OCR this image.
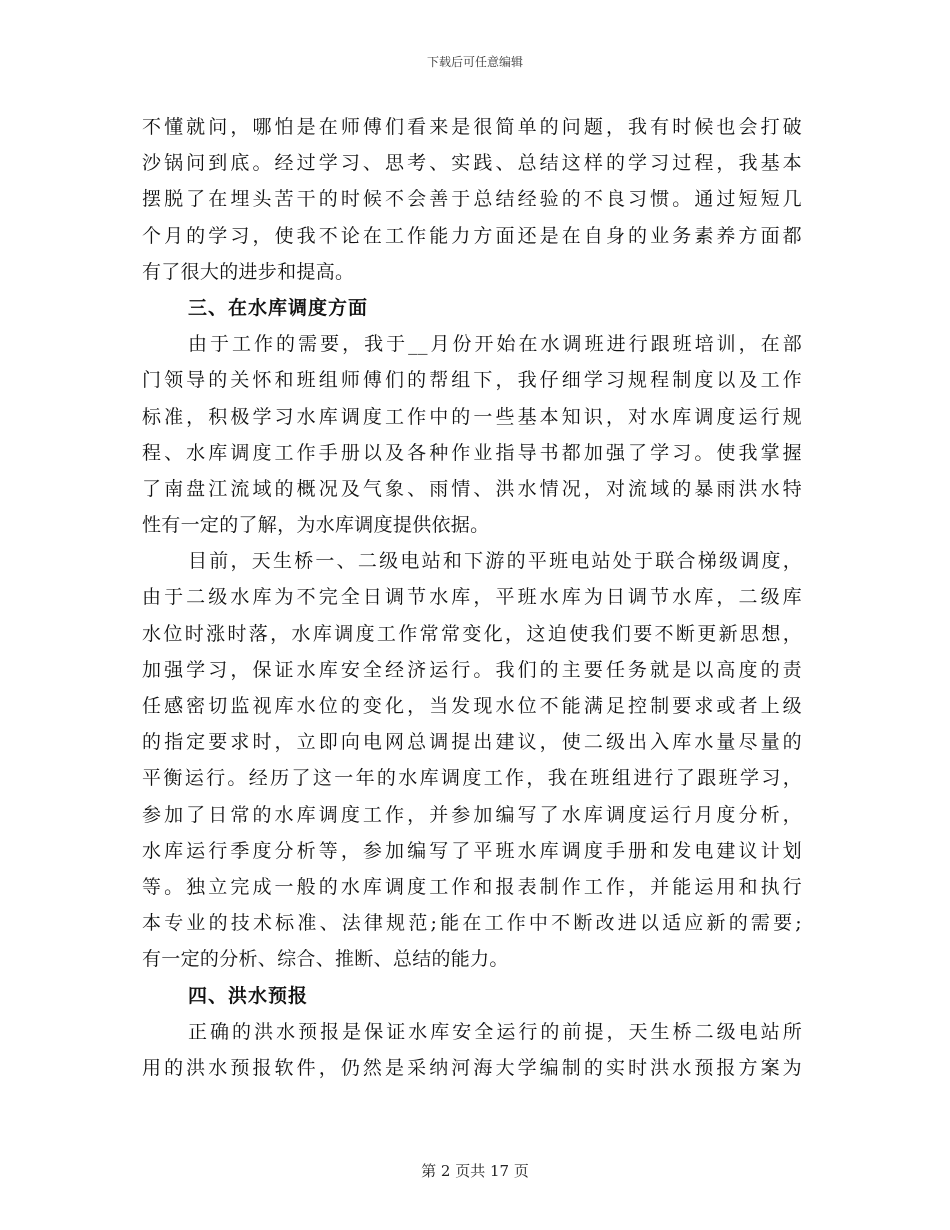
下载后可任意编辑
不懂就问，哪怕是在师傅们看来是很简单的问题，我有时候也会打破
沙锅问到底。经过学习、思考、实践、总结这样的学习过程，我基本
摆脱了在埋头苦干的时候不会善于总结经验的不良习惯。通过短短几
个月的学习，使我不论在工作能力方面还是在自身的业务素养方面都
有了很大的进步和提高。
三、在水库调度方面
由于工作的需要，我于__月份开始在水调班进行跟班培训，在部
门领导的关怀和班组师傅们的帮组下，我仔细学习规程制度以及工作
标准，积极学习水库调度工作中的一些基本知识，对水库调度运行规
程、水库调度工作手册以及各种作业指导书都加强了学习。使我掌握
了南盘江流域的概况及气象、雨情、洪水情况，对流域的暴雨洪水特
性有一定的了解，为水库调度提供依据。
目前，天生桥一、二级电站和下游的平班电站处于联合梯级调度，
由于二级水库为不完全日调节水库，平班水库为日调节水库，二级库
水位时涨时落，水库调度工作常常变化，这迫使我们要不断更新思想，
加强学习，保证水库安全经济运行。我们的主要任务就是以高度的责
任感密切监视库水位的变化，当发现水位不能满足控制要求或者上级
的指定要求时，立即向电网总调提出建议，使二级出入库水量尽量的
平衡运行。经历了这一年的水库调度工作，我在班组进行了跟班学习，
参加了日常的水库调度工作，并参加编写了水库调度运行月度分析，
水库运行季度分析等，参加编写了平班水库调度手册和发电建议计划
等。独立完成一般的水库调度工作和报表制作工作，并能运用和执行
本专业的技术标准、法律规范;能在工作中不断改进以适应新的需要;
有一定的分析、综合、推断、总结的能力。
四、洪水预报
正确的洪水预报是保证水库安全运行的前提，天生桥二级电站所
用的洪水预报软件，仍然是采纳河海大学编制的实时洪水预报方案为
第 2 页共 17 页
